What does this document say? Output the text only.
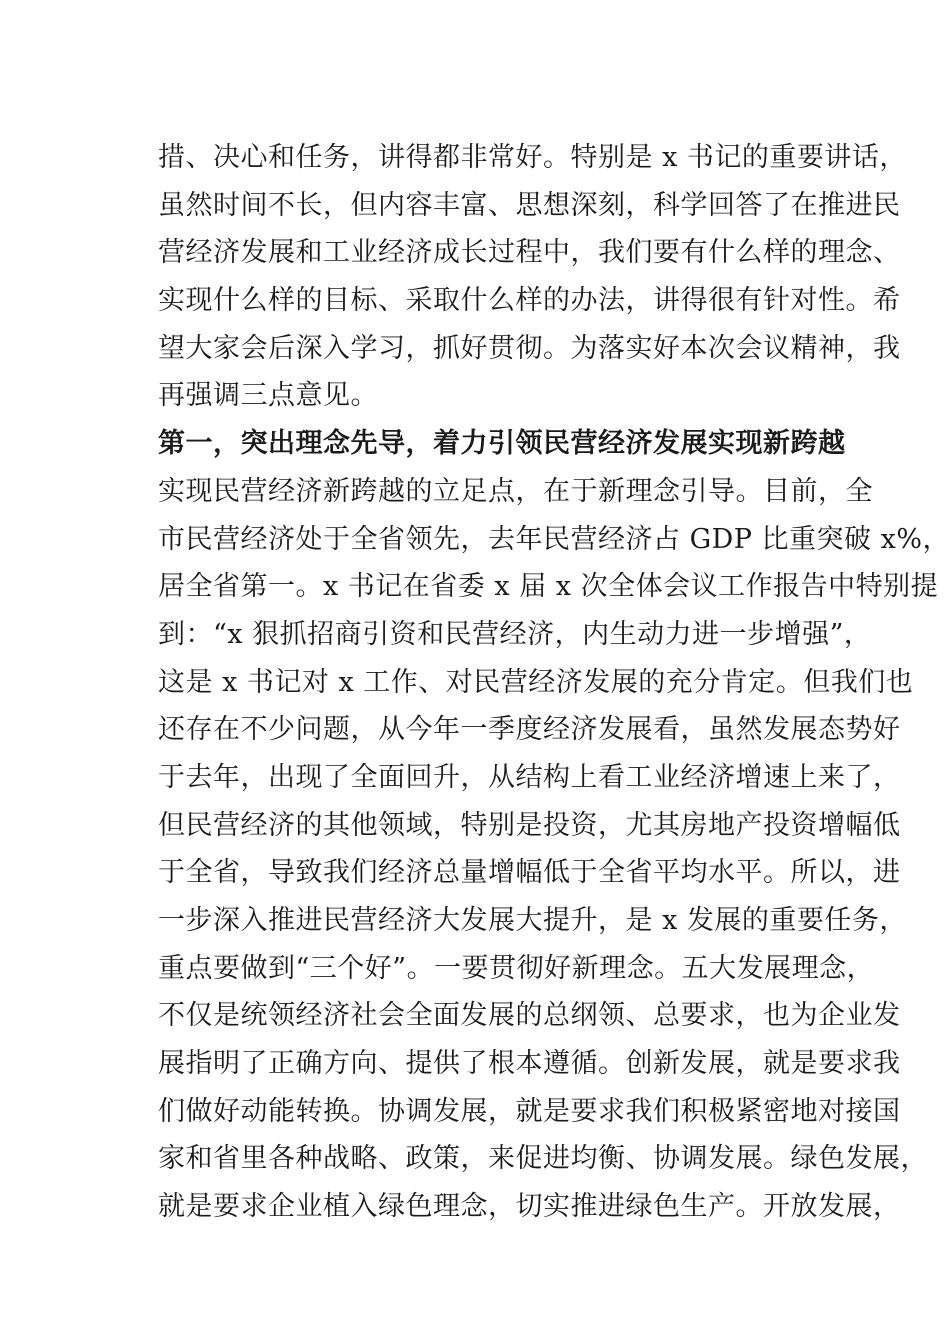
措、决心和任务，讲得都非常好。特别是 x 书记的重要讲话，
虽然时间不长，但内容丰富、思想深刻，科学回答了在推进民
营经济发展和工业经济成长过程中，我们要有什么样的理念、
实现什么样的目标、采取什么样的办法，讲得很有针对性。希
望大家会后深入学习，抓好贯彻。为落实好本次会议精神，我
再强调三点意见。
第一，突出理念先导，着力引领民营经济发展实现新跨越
实现民营经济新跨越的立足点，在于新理念引导。目前，全
市民营经济处于全省领先，去年民营经济占 GDP 比重突破 x%，
居全省第一。x 书记在省委 x 届 x 次全体会议工作报告中特别提
到：“x 狠抓招商引资和民营经济，内生动力进一步增强”，
这是 x 书记对 x 工作、对民营经济发展的充分肯定。但我们也
还存在不少问题，从今年一季度经济发展看，虽然发展态势好
于去年，出现了全面回升，从结构上看工业经济增速上来了，
但民营经济的其他领域，特别是投资，尤其房地产投资增幅低
于全省，导致我们经济总量增幅低于全省平均水平。所以，进
一步深入推进民营经济大发展大提升，是 x 发展的重要任务，
重点要做到“三个好”。一要贯彻好新理念。五大发展理念，
不仅是统领经济社会全面发展的总纲领、总要求，也为企业发
展指明了正确方向、提供了根本遵循。创新发展，就是要求我
们做好动能转换。协调发展，就是要求我们积极紧密地对接国
家和省里各种战略、政策，来促进均衡、协调发展。绿色发展，
就是要求企业植入绿色理念，切实推进绿色生产。开放发展，
